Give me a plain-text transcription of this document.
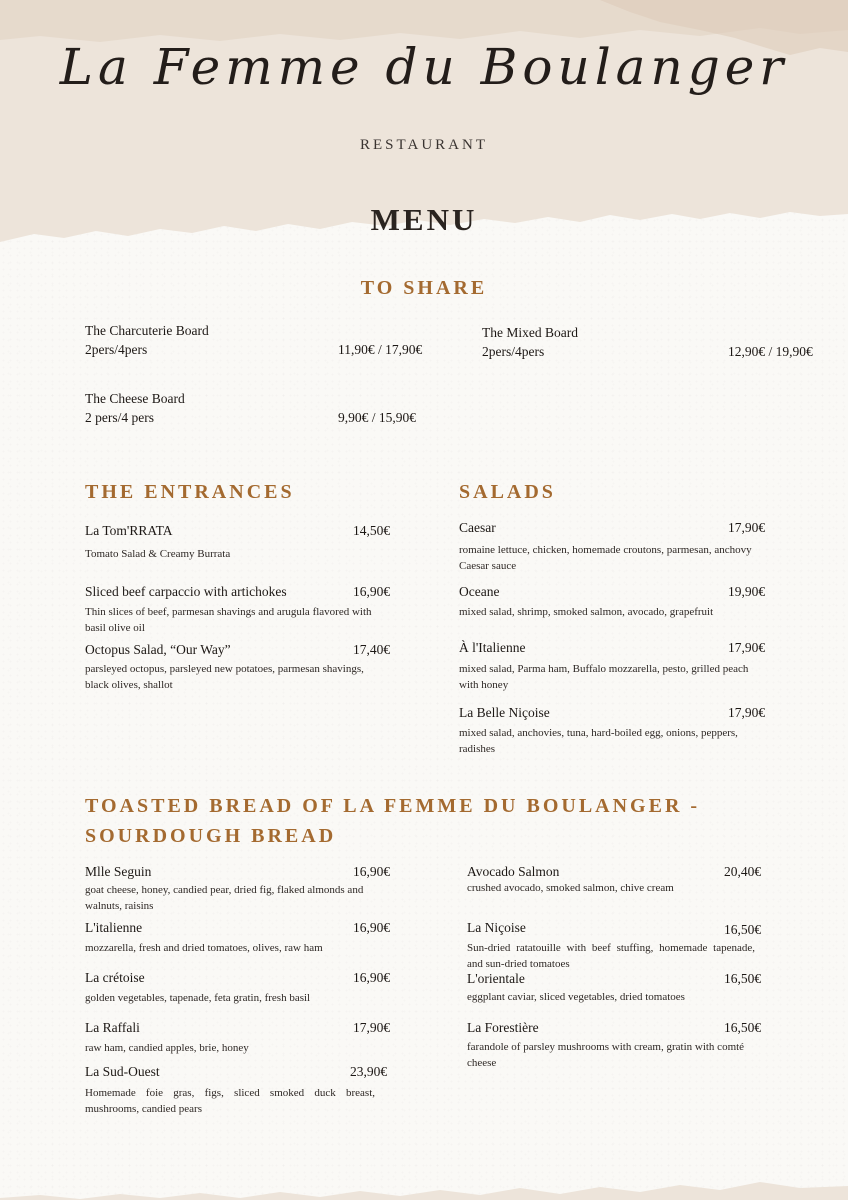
La Femme du Boulanger
RESTAURANT
MENU
TO SHARE
The Charcuterie Board
2pers/4pers	11,90€ / 17,90€
The Mixed Board
2pers/4pers	12,90€ / 19,90€
The Cheese Board
2 pers/4 pers	9,90€ / 15,90€
THE ENTRANCES
La Tom'RRATA	14,50€
Tomato Salad & Creamy Burrata
Sliced beef carpaccio with artichokes	16,90€
Thin slices of beef, parmesan shavings and arugula flavored with basil olive oil
Octopus Salad, “Our Way”	17,40€
parsleyed octopus, parsleyed new potatoes, parmesan shavings, black olives, shallot
SALADS
Caesar	17,90€
romaine lettuce, chicken, homemade croutons, parmesan, anchovy Caesar sauce
Oceane	19,90€
mixed salad, shrimp, smoked salmon, avocado, grapefruit
À l'Italienne	17,90€
mixed salad, Parma ham, Buffalo mozzarella, pesto, grilled peach with honey
La Belle Niçoise	17,90€
mixed salad, anchovies, tuna, hard-boiled egg, onions, peppers, radishes
TOASTED BREAD OF LA FEMME DU BOULANGER -
SOURDOUGH BREAD
Mlle Seguin	16,90€
goat cheese, honey, candied pear, dried fig, flaked almonds and walnuts, raisins
L'italienne	16,90€
mozzarella, fresh and dried tomatoes, olives, raw ham
La crétoise	16,90€
golden vegetables, tapenade, feta gratin, fresh basil
La Raffali	17,90€
raw ham, candied apples, brie, honey
La Sud-Ouest	23,90€
Homemade foie gras, figs, sliced smoked duck breast, mushrooms, candied pears
Avocado Salmon	20,40€
crushed avocado, smoked salmon, chive cream
La Niçoise	16,50€
Sun-dried ratatouille with beef stuffing, homemade tapenade, and sun-dried tomatoes
L'orientale	16,50€
eggplant caviar, sliced vegetables, dried tomatoes
La Forestière	16,50€
farandole of parsley mushrooms with cream, gratin with comté cheese
